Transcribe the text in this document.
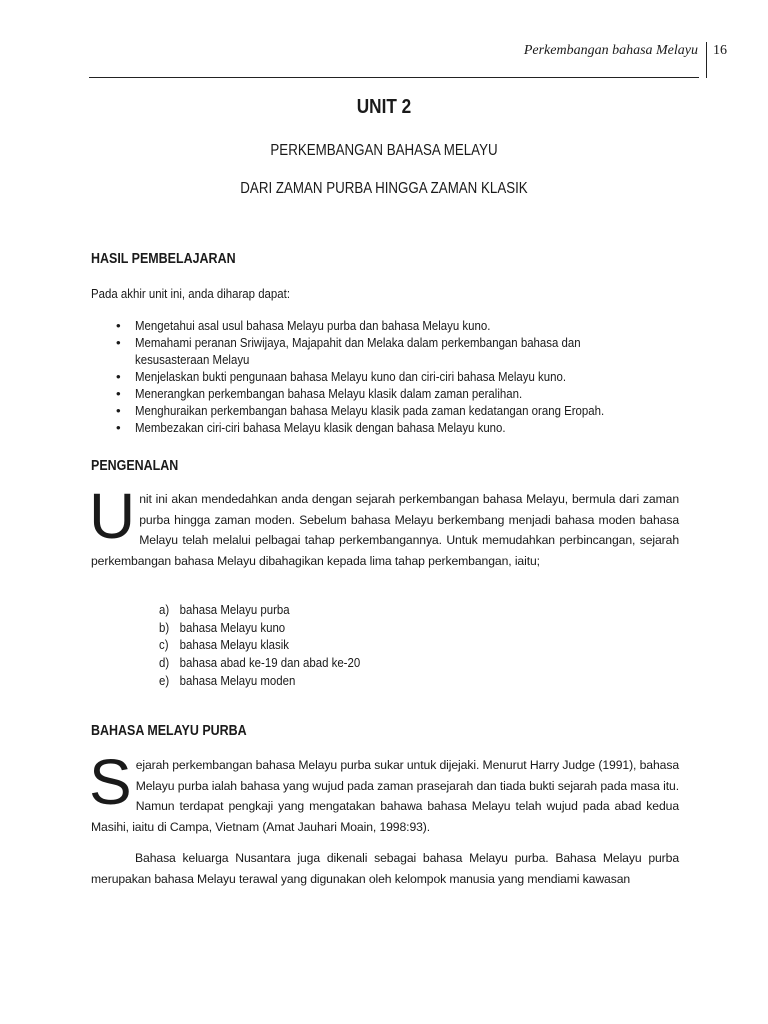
Perkembangan bahasa Melayu 16
UNIT 2
PERKEMBANGAN BAHASA MELAYU
DARI ZAMAN PURBA HINGGA ZAMAN KLASIK
HASIL PEMBELAJARAN
Pada akhir unit ini, anda diharap dapat:
• Mengetahui asal usul bahasa Melayu purba dan bahasa Melayu kuno.
• Memahami peranan Sriwijaya, Majapahit dan Melaka dalam perkembangan bahasa dan kesusasteraan Melayu
• Menjelaskan bukti pengunaan bahasa Melayu kuno dan ciri-ciri bahasa Melayu kuno.
• Menerangkan perkembangan bahasa Melayu klasik dalam zaman peralihan.
• Menghuraikan perkembangan bahasa Melayu klasik pada zaman kedatangan orang Eropah.
• Membezakan ciri-ciri bahasa Melayu klasik dengan bahasa Melayu kuno.
PENGENALAN
Unit ini akan mendedahkan anda dengan sejarah perkembangan bahasa Melayu, bermula dari zaman purba hingga zaman moden. Sebelum bahasa Melayu berkembang menjadi bahasa moden bahasa Melayu telah melalui pelbagai tahap perkembangannya. Untuk memudahkan perbincangan, sejarah perkembangan bahasa Melayu dibahagikan kepada lima tahap perkembangan, iaitu;
a) bahasa Melayu purba
b) bahasa Melayu kuno
c) bahasa Melayu klasik
d) bahasa abad ke-19 dan abad ke-20
e) bahasa Melayu moden
BAHASA MELAYU PURBA
Sejarah perkembangan bahasa Melayu purba sukar untuk dijejaki. Menurut Harry Judge (1991), bahasa Melayu purba ialah bahasa yang wujud pada zaman prasejarah dan tiada bukti sejarah pada masa itu. Namun terdapat pengkaji yang mengatakan bahawa bahasa Melayu telah wujud pada abad kedua Masihi, iaitu di Campa, Vietnam (Amat Jauhari Moain, 1998:93).
Bahasa keluarga Nusantara juga dikenali sebagai bahasa Melayu purba. Bahasa Melayu purba merupakan bahasa Melayu terawal yang digunakan oleh kelompok manusia yang mendiami kawasan
